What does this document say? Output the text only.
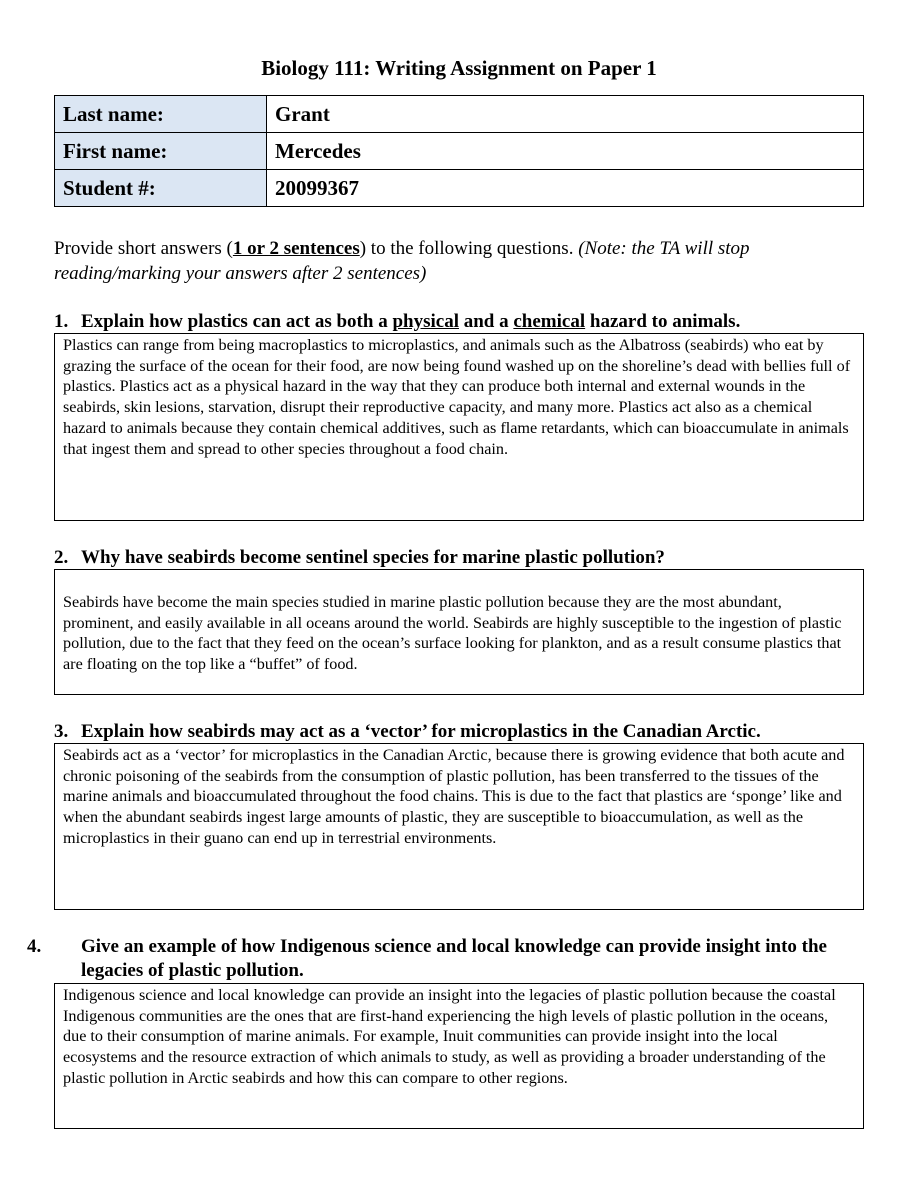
Biology 111: Writing Assignment on Paper 1
Last name:	Grant
First name:	Mercedes
Student #:	20099367
Provide short answers (1 or 2 sentences) to the following questions. (Note: the TA will stop reading/marking your answers after 2 sentences)
1. Explain how plastics can act as both a physical and a chemical hazard to animals.
Plastics can range from being macroplastics to microplastics, and animals such as the Albatross (seabirds) who eat by grazing the surface of the ocean for their food, are now being found washed up on the shoreline’s dead with bellies full of plastics. Plastics act as a physical hazard in the way that they can produce both internal and external wounds in the seabirds, skin lesions, starvation, disrupt their reproductive capacity, and many more. Plastics act also as a chemical hazard to animals because they contain chemical additives, such as flame retardants, which can bioaccumulate in animals that ingest them and spread to other species throughout a food chain.
2. Why have seabirds become sentinel species for marine plastic pollution?
Seabirds have become the main species studied in marine plastic pollution because they are the most abundant, prominent, and easily available in all oceans around the world. Seabirds are highly susceptible to the ingestion of plastic pollution, due to the fact that they feed on the ocean’s surface looking for plankton, and as a result consume plastics that are floating on the top like a “buffet” of food.
3. Explain how seabirds may act as a ‘vector’ for microplastics in the Canadian Arctic.
Seabirds act as a ‘vector’ for microplastics in the Canadian Arctic, because there is growing evidence that both acute and chronic poisoning of the seabirds from the consumption of plastic pollution, has been transferred to the tissues of the marine animals and bioaccumulated throughout the food chains. This is due to the fact that plastics are ‘sponge’ like and when the abundant seabirds ingest large amounts of plastic, they are susceptible to bioaccumulation, as well as the microplastics in their guano can end up in terrestrial environments.
4. Give an example of how Indigenous science and local knowledge can provide insight into the legacies of plastic pollution.
Indigenous science and local knowledge can provide an insight into the legacies of plastic pollution because the coastal Indigenous communities are the ones that are first-hand experiencing the high levels of plastic pollution in the oceans, due to their consumption of marine animals. For example, Inuit communities can provide insight into the local ecosystems and the resource extraction of which animals to study, as well as providing a broader understanding of the plastic pollution in Arctic seabirds and how this can compare to other regions.
